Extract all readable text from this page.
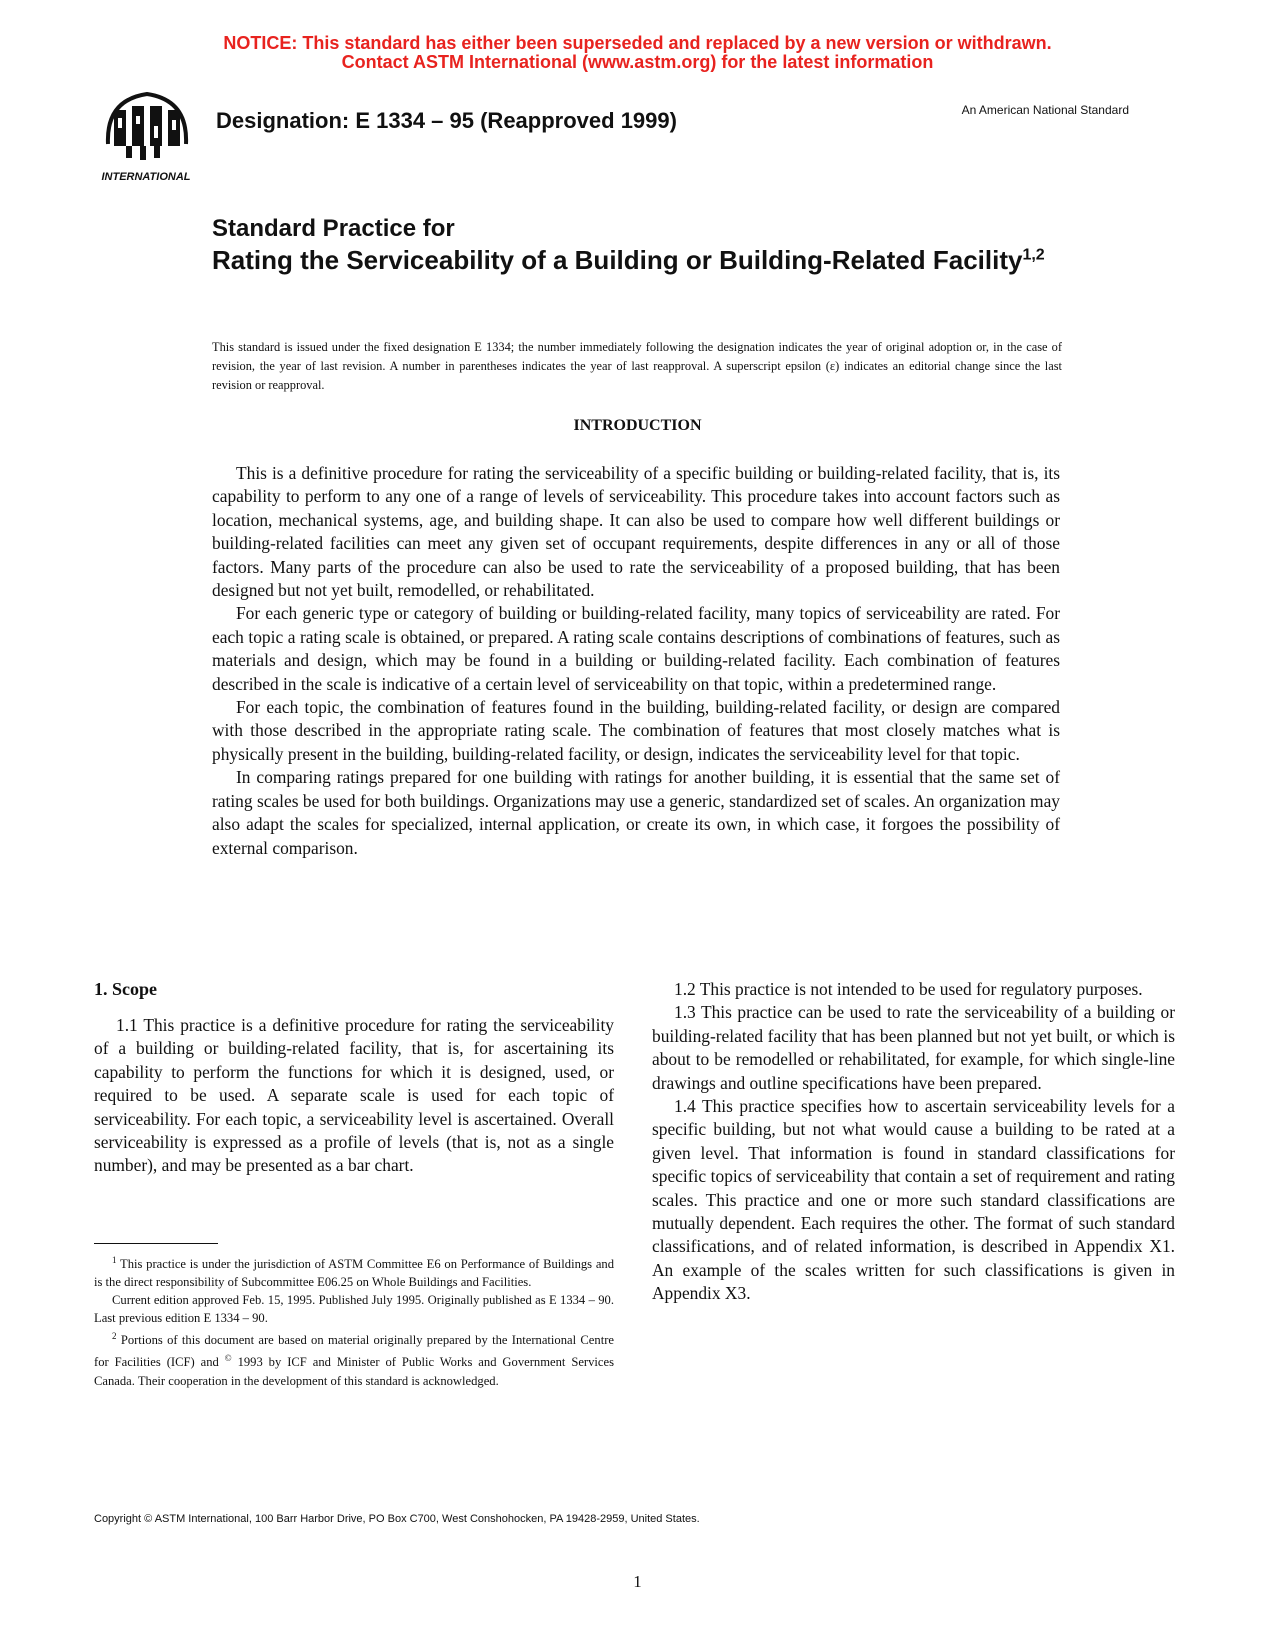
NOTICE: This standard has either been superseded and replaced by a new version or withdrawn.
Contact ASTM International (www.astm.org) for the latest information
INTERNATIONAL
Designation: E 1334 – 95 (Reapproved 1999)	An American National Standard
Standard Practice for
Rating the Serviceability of a Building or Building-Related Facility$^{1,2}$
This standard is issued under the fixed designation E 1334; the number immediately following the designation indicates the year of original adoption or, in the case of revision, the year of last revision. A number in parentheses indicates the year of last reapproval. A superscript epsilon (ε) indicates an editorial change since the last revision or reapproval.
INTRODUCTION

This is a definitive procedure for rating the serviceability of a specific building or building-related facility, that is, its capability to perform to any one of a range of levels of serviceability. This procedure takes into account factors such as location, mechanical systems, age, and building shape. It can also be used to compare how well different buildings or building-related facilities can meet any given set of occupant requirements, despite differences in any or all of those factors. Many parts of the procedure can also be used to rate the serviceability of a proposed building, that has been designed but not yet built, remodelled, or rehabilitated.

For each generic type or category of building or building-related facility, many topics of serviceability are rated. For each topic a rating scale is obtained, or prepared. A rating scale contains descriptions of combinations of features, such as materials and design, which may be found in a building or building-related facility. Each combination of features described in the scale is indicative of a certain level of serviceability on that topic, within a predetermined range.

For each topic, the combination of features found in the building, building-related facility, or design are compared with those described in the appropriate rating scale. The combination of features that most closely matches what is physically present in the building, building-related facility, or design, indicates the serviceability level for that topic.

In comparing ratings prepared for one building with ratings for another building, it is essential that the same set of rating scales be used for both buildings. Organizations may use a generic, standardized set of scales. An organization may also adapt the scales for specialized, internal application, or create its own, in which case, it forgoes the possibility of external comparison.

1. Scope

1.1 This practice is a definitive procedure for rating the serviceability of a building or building-related facility, that is, for ascertaining its capability to perform the functions for which it is designed, used, or required to be used. A separate scale is used for each topic of serviceability. For each topic, a serviceability level is ascertained. Overall serviceability is expressed as a profile of levels (that is, not as a single number), and may be presented as a bar chart.

$^1$ This practice is under the jurisdiction of ASTM Committee E6 on Performance of Buildings and is the direct responsibility of Subcommittee E06.25 on Whole Buildings and Facilities.

Current edition approved Feb. 15, 1995. Published July 1995. Originally published as E 1334 – 90. Last previous edition E 1334 – 90.

$^2$ Portions of this document are based on material originally prepared by the International Centre for Facilities (ICF) and © 1993 by ICF and Minister of Public Works and Government Services Canada. Their cooperation in the development of this standard is acknowledged.

1.2 This practice is not intended to be used for regulatory purposes.

1.3 This practice can be used to rate the serviceability of a building or building-related facility that has been planned but not yet built, or which is about to be remodelled or rehabilitated, for example, for which single-line drawings and outline specifications have been prepared.

1.4 This practice specifies how to ascertain serviceability levels for a specific building, but not what would cause a building to be rated at a given level. That information is found in standard classifications for specific topics of serviceability that contain a set of requirement and rating scales. This practice and one or more such standard classifications are mutually dependent. Each requires the other. The format of such standard classifications, and of related information, is described in Appendix X1. An example of the scales written for such classifications is given in Appendix X3.

Copyright © ASTM International, 100 Barr Harbor Drive, PO Box C700, West Conshohocken, PA 19428-2959, United States.
1
